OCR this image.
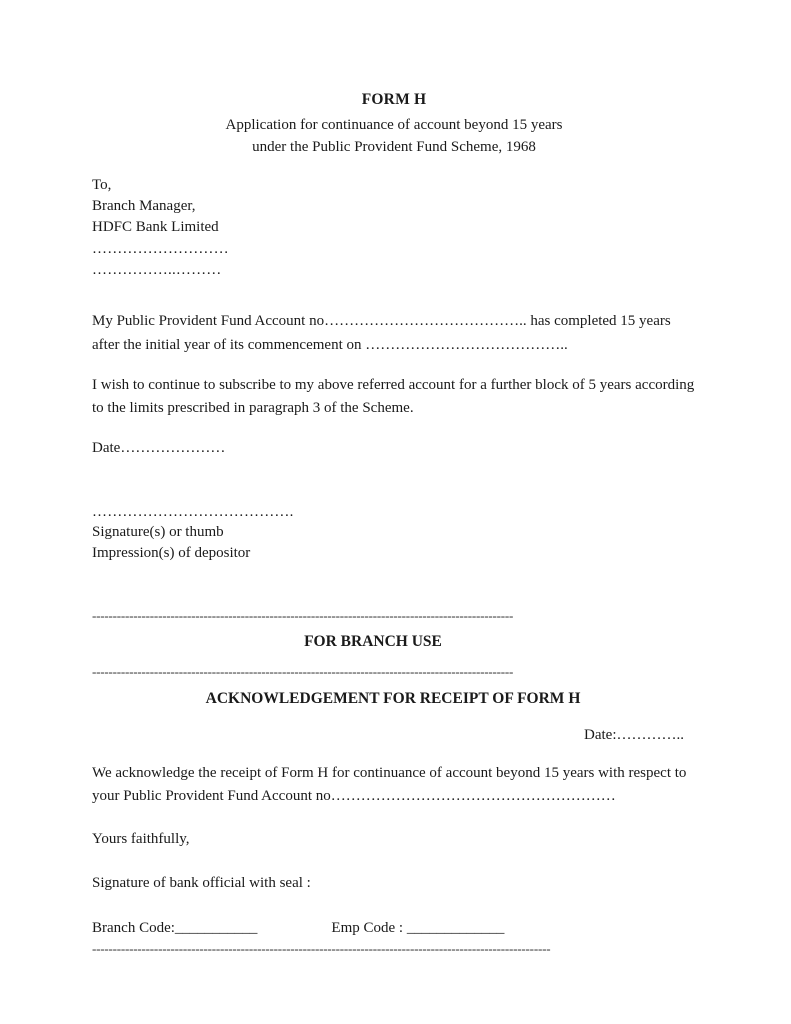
FORM H
Application for continuance of account beyond 15 years
under the Public Provident Fund Scheme, 1968
To,
Branch Manager,
HDFC Bank Limited
………………………
……………..………

My Public Provident Fund Account no………………………………….. has completed 15 years after the initial year of its commencement on …………………………………..

I wish to continue to subscribe to my above referred account for a further block of 5 years according to the limits prescribed in paragraph 3 of the Scheme.

Date…………………

………………………………….
Signature(s) or thumb
Impression(s) of depositor
------------------------------------------------------------------------------------------------------
FOR BRANCH USE
------------------------------------------------------------------------------------------------------
ACKNOWLEDGEMENT FOR RECEIPT OF FORM H
Date:…………..

We acknowledge the receipt of Form H for continuance of account beyond 15 years with respect to your Public Provident Fund Account no…………………………………………………

Yours faithfully,

Signature of bank official with seal :

Branch Code:___________	Emp Code : _____________
---------------------------------------------------------------------------------------------------------------
